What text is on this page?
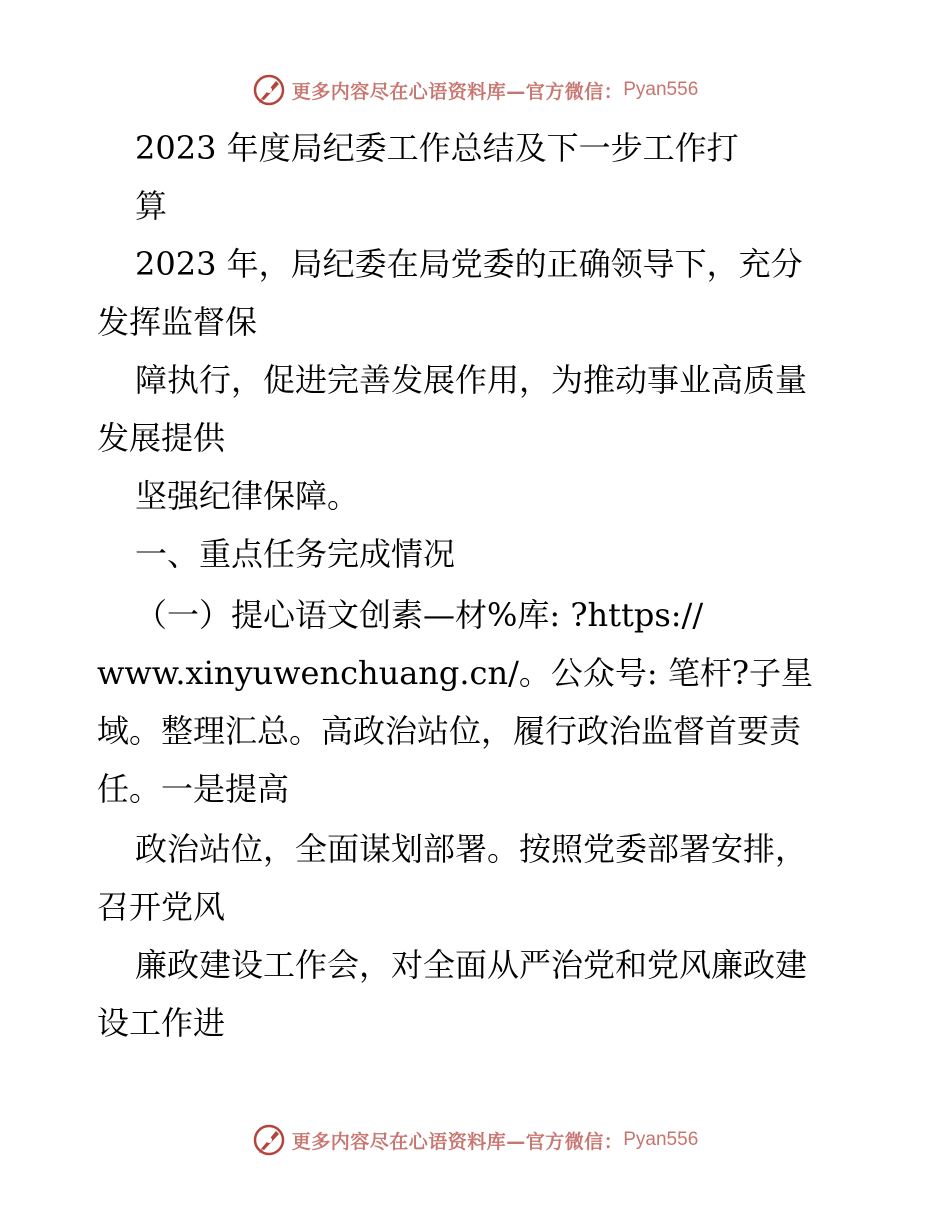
更多内容尽在心语资料库—官方微信： Pyan556
2023 年度局纪委工作总结及下一步工作打
算
2023 年，局纪委在局党委的正确领导下，充分
发挥监督保
障执行，促进完善发展作用，为推动事业高质量
发展提供
坚强纪律保障。
一、重点任务完成情况
（一）提心语文创素—材%库: ?https://
www.xinyuwenchuang.cn/。公众号: 笔杆?子星
域。整理汇总。高政治站位，履行政治监督首要责
任。一是提高
政治站位，全面谋划部署。按照党委部署安排，
召开党风
廉政建设工作会，对全面从严治党和党风廉政建
设工作进
更多内容尽在心语资料库—官方微信： Pyan556
